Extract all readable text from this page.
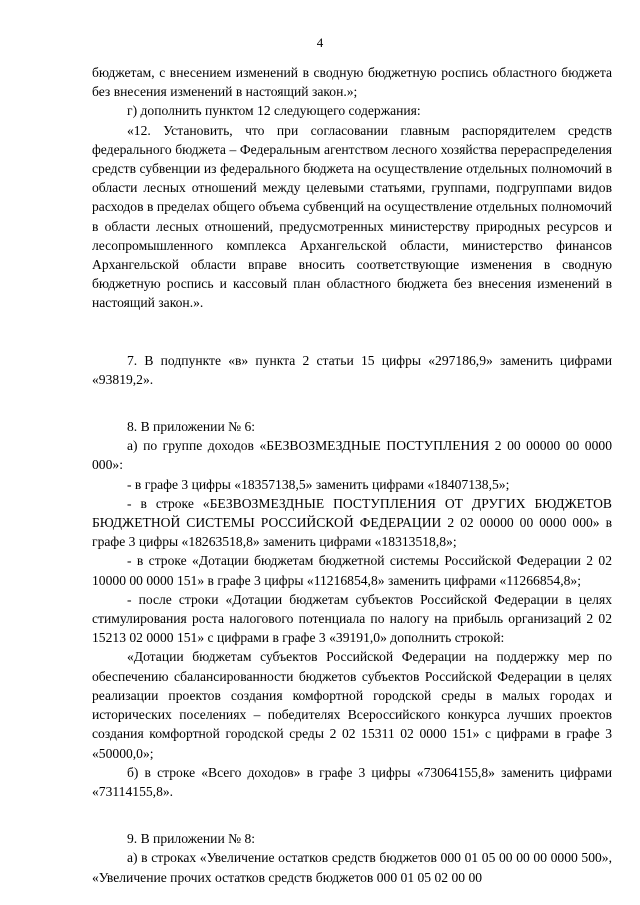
4

бюджетам, с внесением изменений в сводную бюджетную роспись областного бюджета без внесения изменений в настоящий закон.»;

г) дополнить пунктом 12 следующего содержания:

«12. Установить, что при согласовании главным распорядителем средств федерального бюджета – Федеральным агентством лесного хозяйства перераспределения средств субвенции из федерального бюджета на осуществление отдельных полномочий в области лесных отношений между целевыми статьями, группами, подгруппами видов расходов в пределах общего объема субвенций на осуществление отдельных полномочий в области лесных отношений, предусмотренных министерству природных ресурсов и лесопромышленного комплекса Архангельской области, министерство финансов Архангельской области вправе вносить соответствующие изменения в сводную бюджетную роспись и кассовый план областного бюджета без внесения изменений в настоящий закон.».

7. В подпункте «в» пункта 2 статьи 15 цифры «297186,9» заменить цифрами «93819,2».

8. В приложении № 6:

а) по группе доходов «БЕЗВОЗМЕЗДНЫЕ ПОСТУПЛЕНИЯ 2 00 00000 00 0000 000»:

- в графе 3 цифры «18357138,5» заменить цифрами «18407138,5»;

- в строке «БЕЗВОЗМЕЗДНЫЕ ПОСТУПЛЕНИЯ ОТ ДРУГИХ БЮДЖЕТОВ БЮДЖЕТНОЙ СИСТЕМЫ РОССИЙСКОЙ ФЕДЕРАЦИИ 2 02 00000 00 0000 000» в графе 3 цифры «18263518,8» заменить цифрами «18313518,8»;

- в строке «Дотации бюджетам бюджетной системы Российской Федерации 2 02 10000 00 0000 151» в графе 3 цифры «11216854,8» заменить цифрами «11266854,8»;

- после строки «Дотации бюджетам субъектов Российской Федерации в целях стимулирования роста налогового потенциала по налогу на прибыль организаций 2 02 15213 02 0000 151» с цифрами в графе 3 «39191,0» дополнить строкой:

«Дотации бюджетам субъектов Российской Федерации на поддержку мер по обеспечению сбалансированности бюджетов субъектов Российской Федерации в целях реализации проектов создания комфортной городской среды в малых городах и исторических поселениях – победителях Всероссийского конкурса лучших проектов создания комфортной городской среды 2 02 15311 02 0000 151» с цифрами в графе 3 «50000,0»;

б) в строке «Всего доходов» в графе 3 цифры «73064155,8» заменить цифрами «73114155,8».

9. В приложении № 8:

а) в строках «Увеличение остатков средств бюджетов 000 01 05 00 00 00 0000 500», «Увеличение прочих остатков средств бюджетов 000 01 05 02 00 00
